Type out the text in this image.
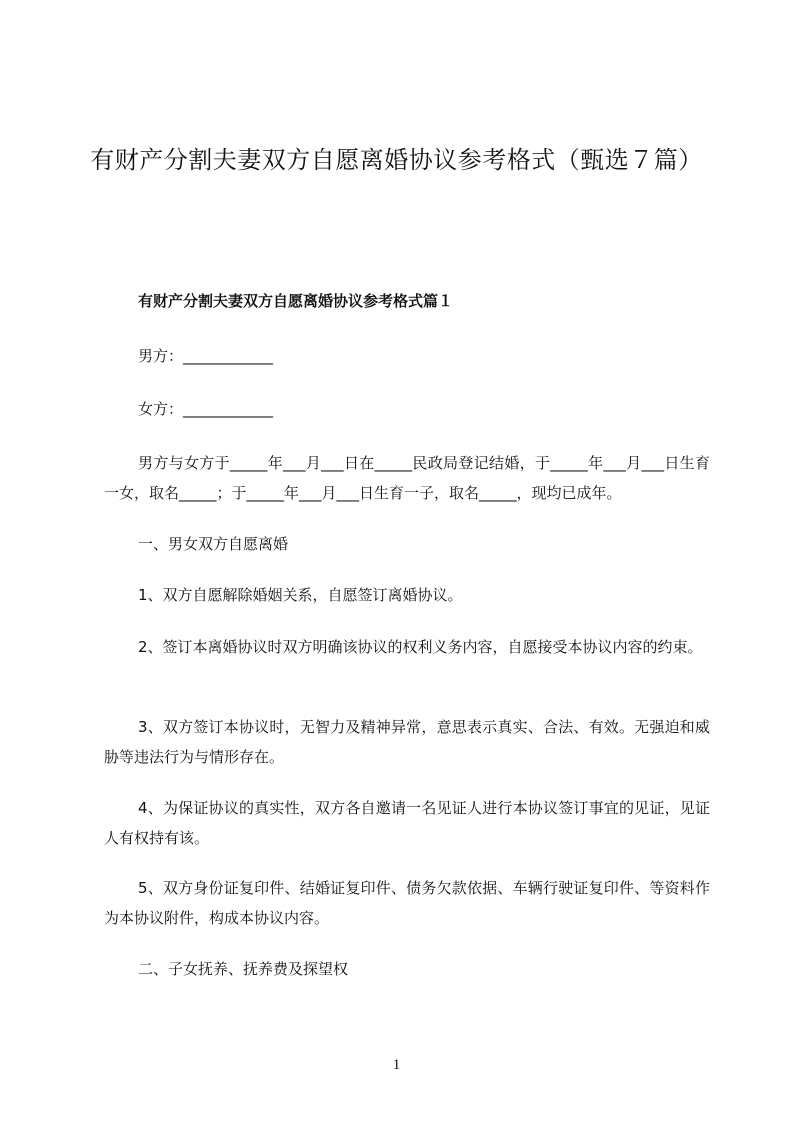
有财产分割夫妻双方自愿离婚协议参考格式（甄选７篇）
有财产分割夫妻双方自愿离婚协议参考格式篇１
男方：____________
女方：____________
男方与女方于_____年___月___日在_____民政局登记结婚，于_____年___月___日生育一女，取名_____；于_____年___月___日生育一子，取名_____，现均已成年。
一、男女双方自愿离婚
1、双方自愿解除婚姻关系，自愿签订离婚协议。
2、签订本离婚协议时双方明确该协议的权利义务内容，自愿接受本协议内容的约束。
3、双方签订本协议时，无智力及精神异常，意思表示真实、合法、有效。无强迫和威胁等违法行为与情形存在。
4、为保证协议的真实性，双方各自邀请一名见证人进行本协议签订事宜的见证，见证人有权持有该。
5、双方身份证复印件、结婚证复印件、债务欠款依据、车辆行驶证复印件、等资料作为本协议附件，构成本协议内容。
二、子女抚养、抚养费及探望权
1
